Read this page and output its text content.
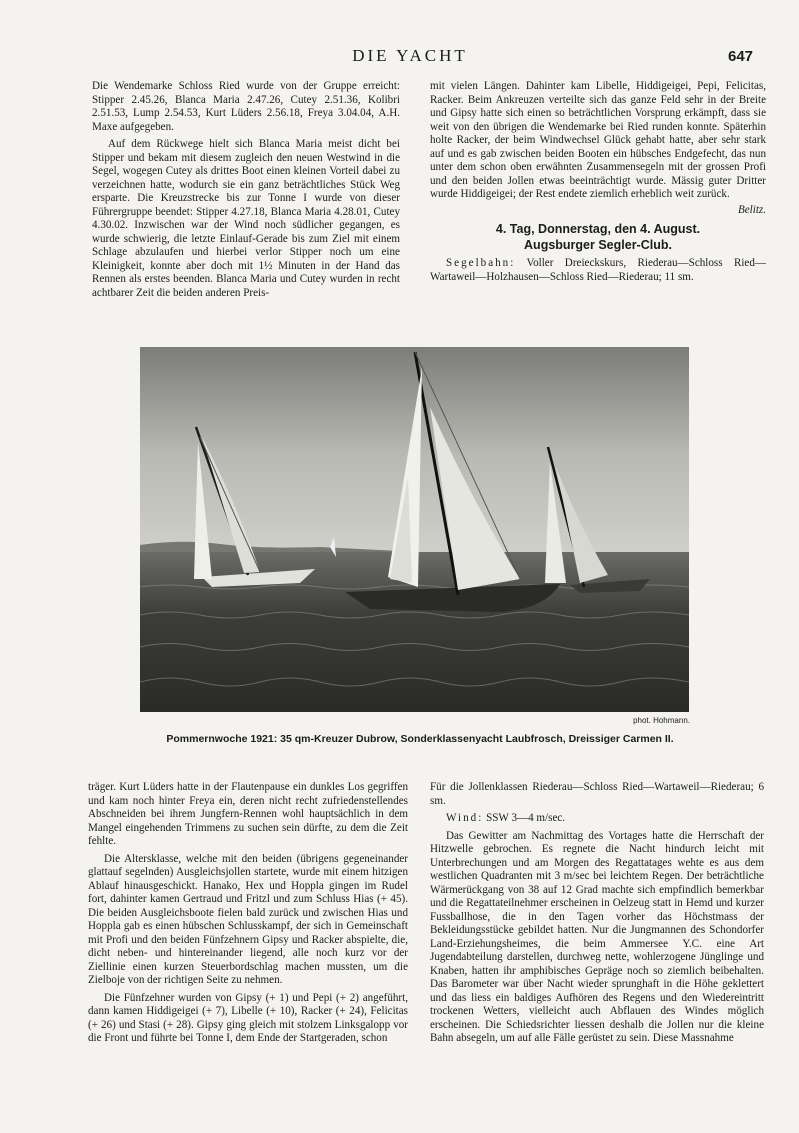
DIE YACHT	647

Die Wendemarke Schloss Ried wurde von der Gruppe erreicht: Stipper 2.45.26, Blanca Maria 2.47.26, Cutey 2.51.36, Kolibri 2.51.53, Lump 2.54.53, Kurt Lüders 2.56.18, Freya 3.04.04, A.H. Maxe aufgegeben.

Auf dem Rückwege hielt sich Blanca Maria meist dicht bei Stipper und bekam mit diesem zugleich den neuen Westwind in die Segel, wogegen Cutey als drittes Boot einen kleinen Vorteil dabei zu verzeichnen hatte, wodurch sie ein ganz beträchtliches Stück Weg ersparte. Die Kreuzstrecke bis zur Tonne I wurde von dieser Führergruppe beendet: Stipper 4.27.18, Blanca Maria 4.28.01, Cutey 4.30.02. Inzwischen war der Wind noch südlicher gegangen, es wurde schwierig, die letzte Einlauf-Gerade bis zum Ziel mit einem Schlage abzulaufen und hierbei verlor Stipper noch um eine Kleinigkeit, konnte aber doch mit 1½ Minuten in der Hand das Rennen als erstes beenden. Blanca Maria und Cutey wurden in recht achtbarer Zeit die beiden anderen Preis-

mit vielen Längen. Dahinter kam Libelle, Hiddigeigei, Pepi, Felicitas, Racker. Beim Ankreuzen verteilte sich das ganze Feld sehr in der Breite und Gipsy hatte sich einen so beträchtlichen Vorsprung erkämpft, dass sie weit von den übrigen die Wendemarke bei Ried runden konnte. Späterhin holte Racker, der beim Windwechsel Glück gehabt hatte, aber sehr stark auf und es gab zwischen beiden Booten ein hübsches Endgefecht, das nun unter dem schon oben erwähnten Zusammensegeln mit der grossen Profi und den beiden Jollen etwas beeinträchtigt wurde. Mässig guter Dritter wurde Hiddigeigei; der Rest endete ziemlich erheblich weit zurück.

Belitz.
4. Tag, Donnerstag, den 4. August.
Augsburger Segler-Club.

Segelbahn: Voller Dreieckskurs, Riederau—Schloss Ried—Wartaweil—Holzhausen—Schloss Ried—Riederau; 11 sm.

phot. Hohmann.
Pommernwoche 1921: 35 qm-Kreuzer Dubrow, Sonderklassenyacht Laubfrosch, Dreissiger Carmen II.

träger. Kurt Lüders hatte in der Flautenpause ein dunkles Los gegriffen und kam noch hinter Freya ein, deren nicht recht zufriedenstellendes Abschneiden bei ihrem Jungfern-Rennen wohl hauptsächlich in dem Mangel eingehenden Trimmens zu suchen sein dürfte, zu dem die Zeit fehlte.

Die Altersklasse, welche mit den beiden (übrigens gegeneinander glattauf segelnden) Ausgleichsjollen startete, wurde mit einem hitzigen Ablauf hinausgeschickt. Hanako, Hex und Hoppla gingen im Rudel fort, dahinter kamen Gertraud und Fritzl und zum Schluss Hias (+ 45). Die beiden Ausgleichsboote fielen bald zurück und zwischen Hias und Hoppla gab es einen hübschen Schlusskampf, der sich in Gemeinschaft mit Profi und den beiden Fünfzehnern Gipsy und Racker abspielte, die, dicht neben- und hintereinander liegend, alle noch kurz vor der Ziellinie einen kurzen Steuerbordschlag machen mussten, um die Zielboje von der richtigen Seite zu nehmen.

Die Fünfzehner wurden von Gipsy (+ 1) und Pepi (+ 2) angeführt, dann kamen Hiddigeigei (+ 7), Libelle (+ 10), Racker (+ 24), Felicitas (+ 26) und Stasi (+ 28). Gipsy ging gleich mit stolzem Linksgalopp vor die Front und führte bei Tonne I, dem Ende der Startgeraden, schon

Für die Jollenklassen Riederau—Schloss Ried—Wartaweil—Riederau; 6 sm.

Wind: SSW 3—4 m/sec.

Das Gewitter am Nachmittag des Vortages hatte die Herrschaft der Hitzwelle gebrochen. Es regnete die Nacht hindurch leicht mit Unterbrechungen und am Morgen des Regattatages wehte es aus dem westlichen Quadranten mit 3 m/sec bei leichtem Regen. Der beträchtliche Wärmerückgang von 38 auf 12 Grad machte sich empfindlich bemerkbar und die Regattateilnehmer erscheinen in Oelzeug statt in Hemd und kurzer Fussballhose, die in den Tagen vorher das Höchstmass der Bekleidungsstücke gebildet hatten. Nur die Jungmannen des Schondorfer Land-Erziehungsheimes, die beim Ammersee Y.C. eine Art Jugendabteilung darstellen, durchweg nette, wohlerzogene Jünglinge und Knaben, hatten ihr amphibisches Gepräge noch so ziemlich beibehalten. Das Barometer war über Nacht wieder sprunghaft in die Höhe geklettert und das liess ein baldiges Aufhören des Regens und den Wiedereintritt trockenen Wetters, vielleicht auch Abflauen des Windes möglich erscheinen. Die Schiedsrichter liessen deshalb die Jollen nur die kleine Bahn absegeln, um auf alle Fälle gerüstet zu sein. Diese Massnahme
